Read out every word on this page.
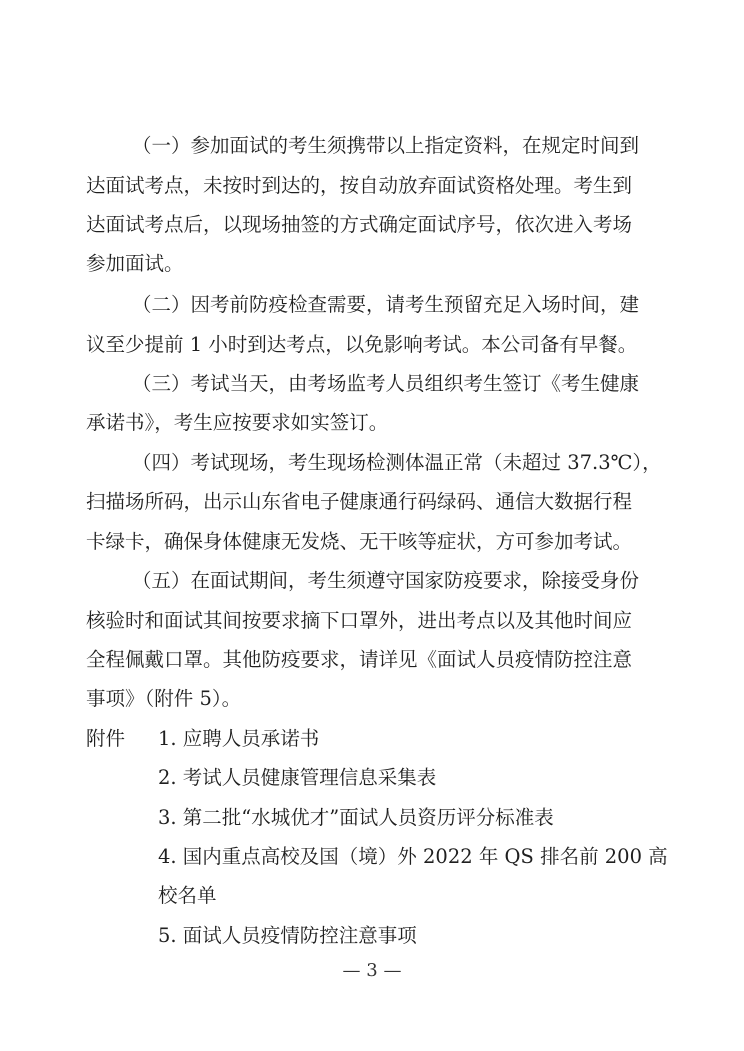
（一）参加面试的考生须携带以上指定资料，在规定时间到
达面试考点，未按时到达的，按自动放弃面试资格处理。考生到
达面试考点后，以现场抽签的方式确定面试序号，依次进入考场
参加面试。
（二）因考前防疫检查需要，请考生预留充足入场时间，建
议至少提前 1 小时到达考点，以免影响考试。本公司备有早餐。
（三）考试当天，由考场监考人员组织考生签订《考生健康
承诺书》，考生应按要求如实签订。
（四）考试现场，考生现场检测体温正常（未超过 37.3℃），
扫描场所码，出示山东省电子健康通行码绿码、通信大数据行程
卡绿卡，确保身体健康无发烧、无干咳等症状，方可参加考试。
（五）在面试期间，考生须遵守国家防疫要求，除接受身份
核验时和面试其间按要求摘下口罩外，进出考点以及其他时间应
全程佩戴口罩。其他防疫要求，请详见《面试人员疫情防控注意
事项》（附件 5）。
附件 1. 应聘人员承诺书
2. 考试人员健康管理信息采集表
3. 第二批“水城优才”面试人员资历评分标准表
4. 国内重点高校及国（境）外 2022 年 QS 排名前 200 高
校名单
5. 面试人员疫情防控注意事项
— 3 —
